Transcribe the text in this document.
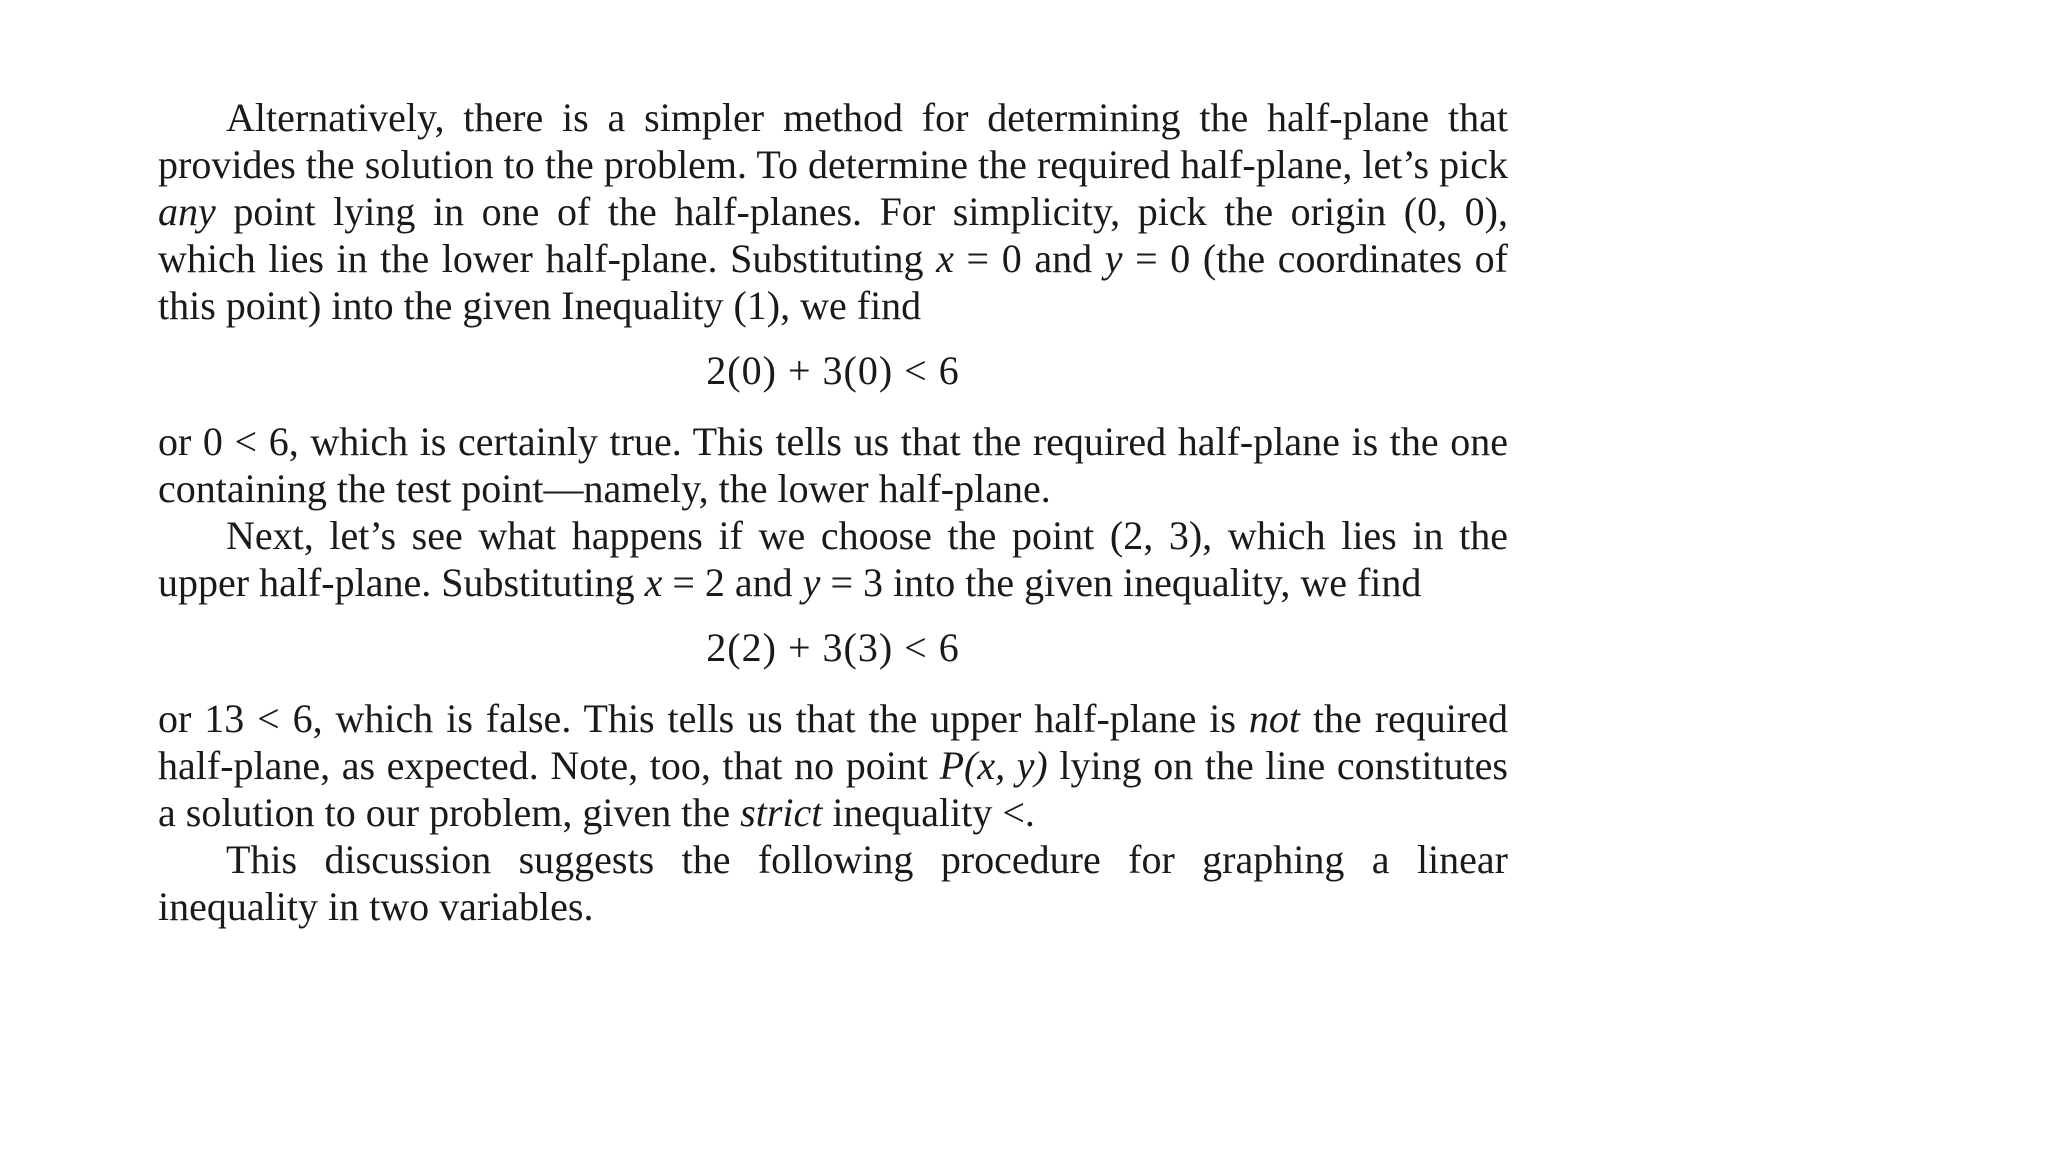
Alternatively, there is a simpler method for determining the half-plane that provides the solution to the problem. To determine the required half-plane, let’s pick any point lying in one of the half-planes. For simplicity, pick the origin (0, 0), which lies in the lower half-plane. Substituting x = 0 and y = 0 (the coordinates of this point) into the given Inequality (1), we find

2(0) + 3(0) < 6

or 0 < 6, which is certainly true. This tells us that the required half-plane is the one containing the test point—namely, the lower half-plane.

Next, let’s see what happens if we choose the point (2, 3), which lies in the upper half-plane. Substituting x = 2 and y = 3 into the given inequality, we find

2(2) + 3(3) < 6

or 13 < 6, which is false. This tells us that the upper half-plane is not the required half-plane, as expected. Note, too, that no point P(x, y) lying on the line constitutes a solution to our problem, given the strict inequality <.

This discussion suggests the following procedure for graphing a linear inequality in two variables.
